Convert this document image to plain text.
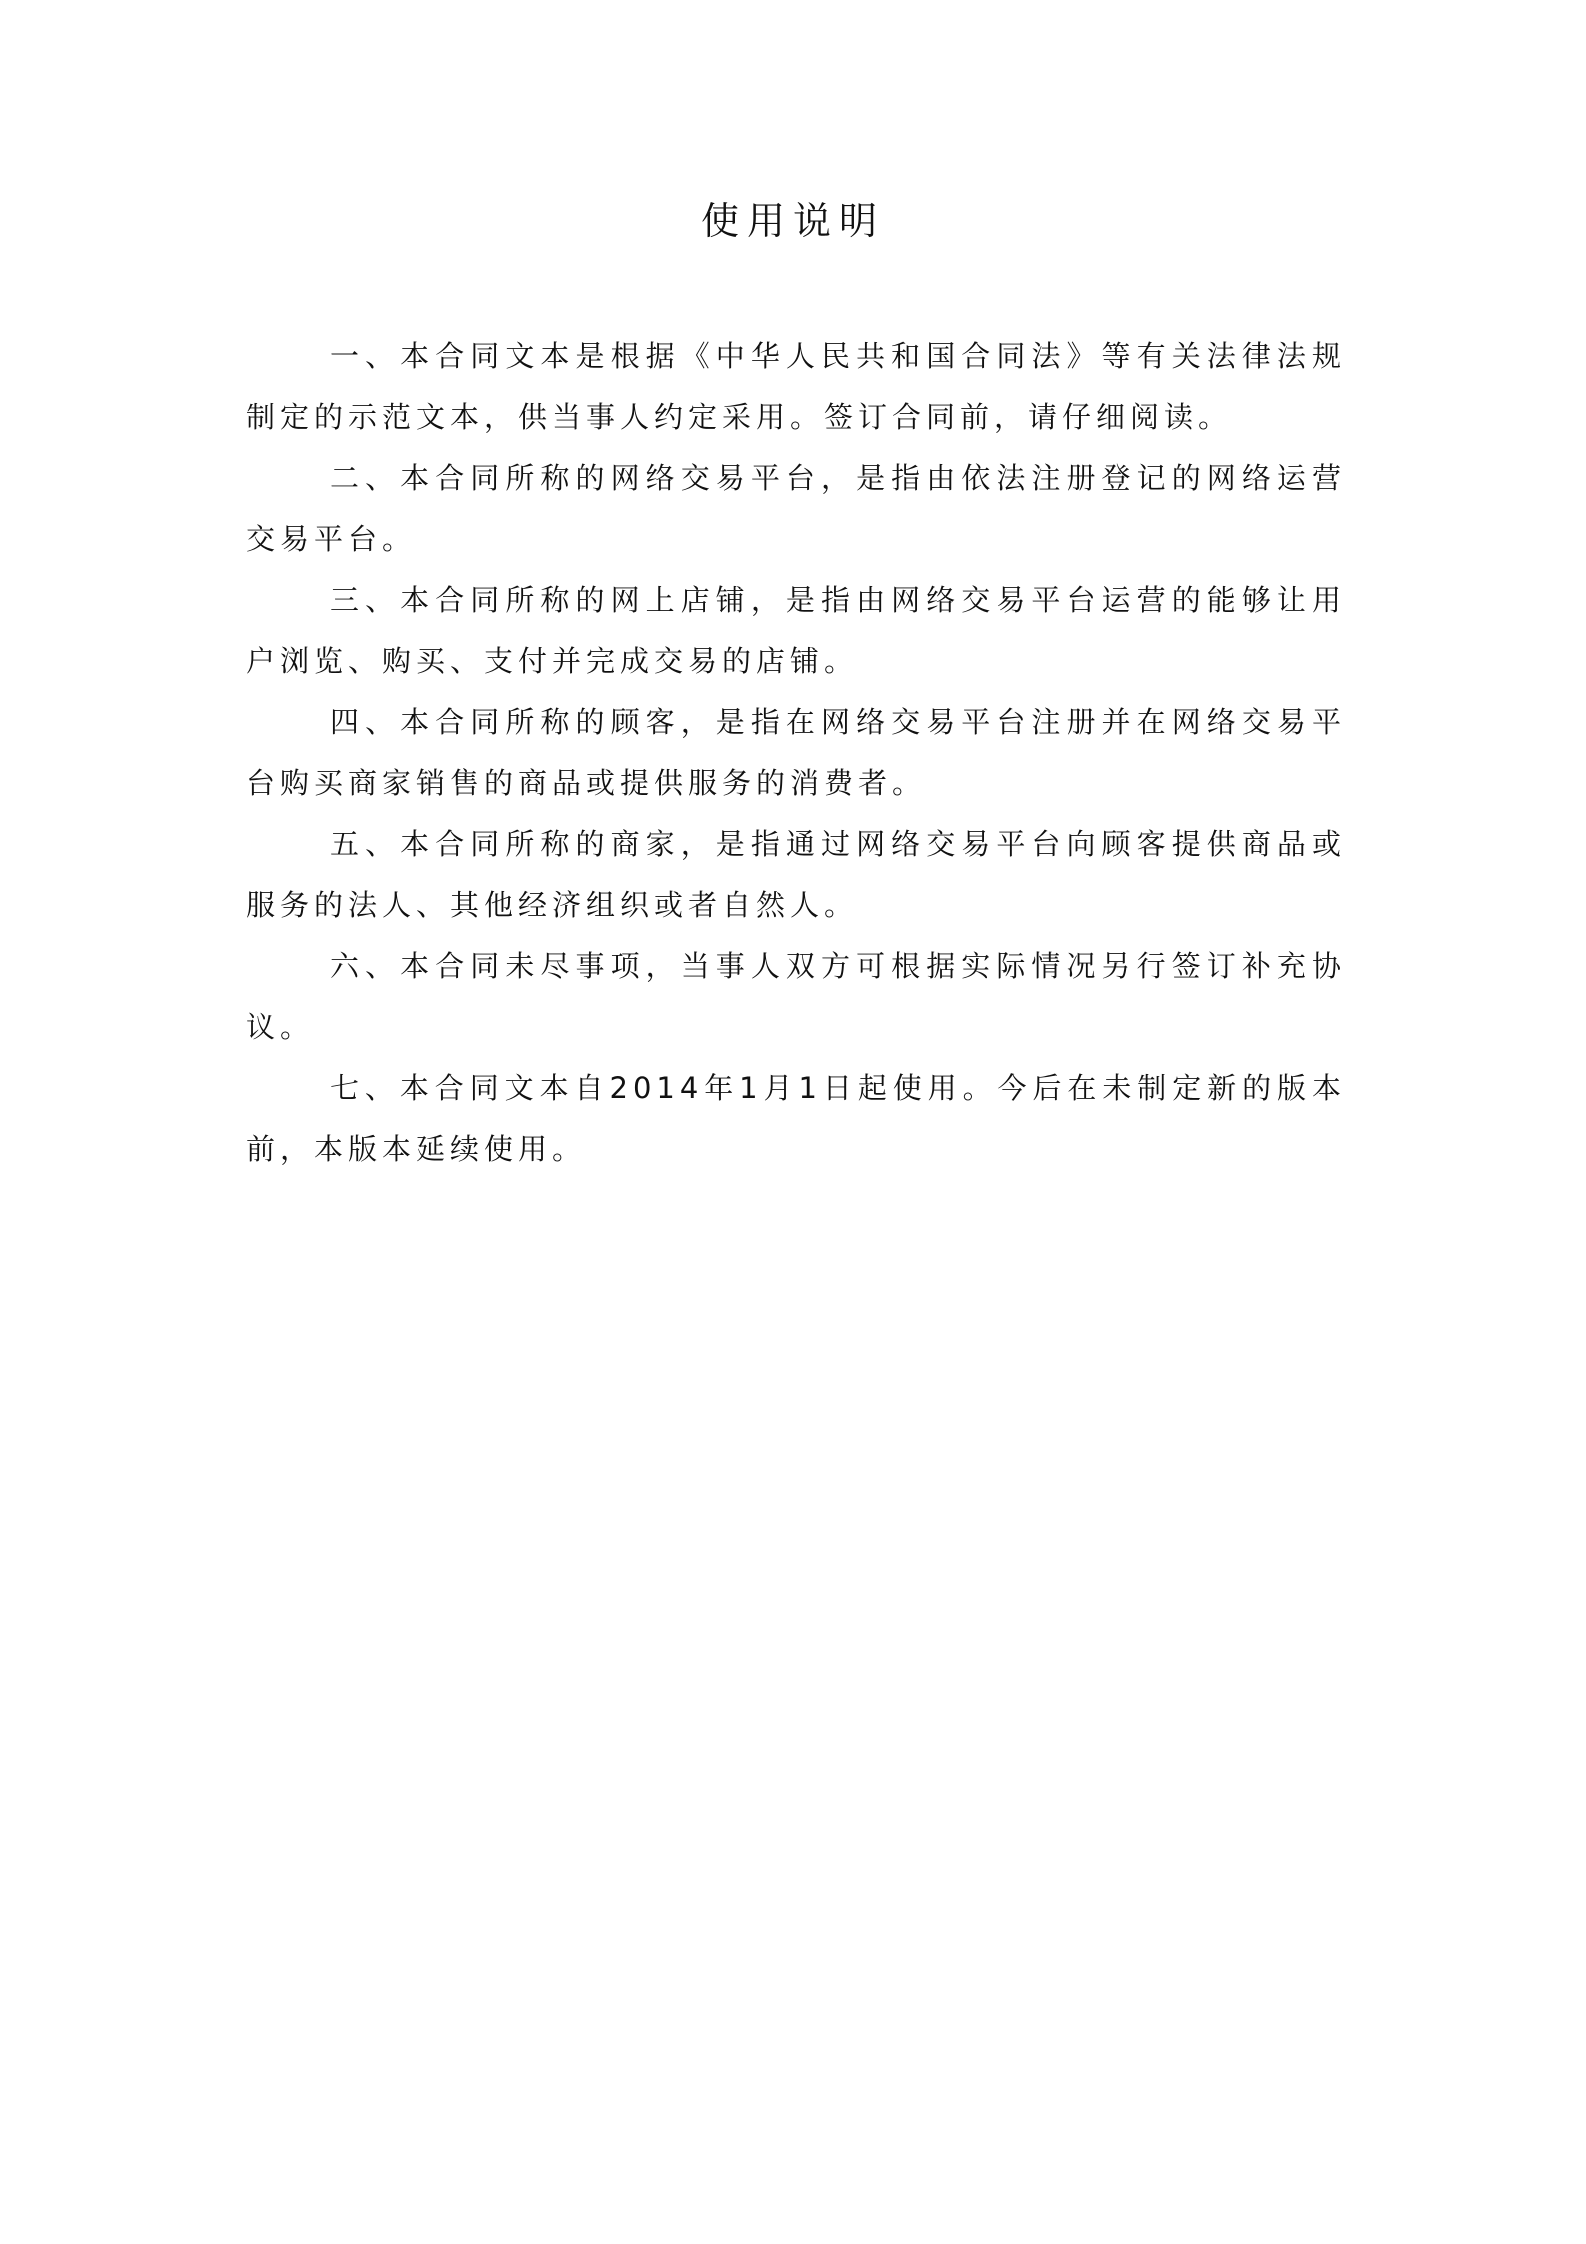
使用说明

一、本合同文本是根据《中华人民共和国合同法》等有关法律法规制定的示范文本，供当事人约定采用。签订合同前，请仔细阅读。

二、本合同所称的网络交易平台，是指由依法注册登记的网络运营交易平台。

三、本合同所称的网上店铺，是指由网络交易平台运营的能够让用户浏览、购买、支付并完成交易的店铺。

四、本合同所称的顾客，是指在网络交易平台注册并在网络交易平台购买商家销售的商品或提供服务的消费者。

五、本合同所称的商家，是指通过网络交易平台向顾客提供商品或服务的法人、其他经济组织或者自然人。

六、本合同未尽事项，当事人双方可根据实际情况另行签订补充协议。

七、本合同文本自2014年1月1日起使用。今后在未制定新的版本前，本版本延续使用。
